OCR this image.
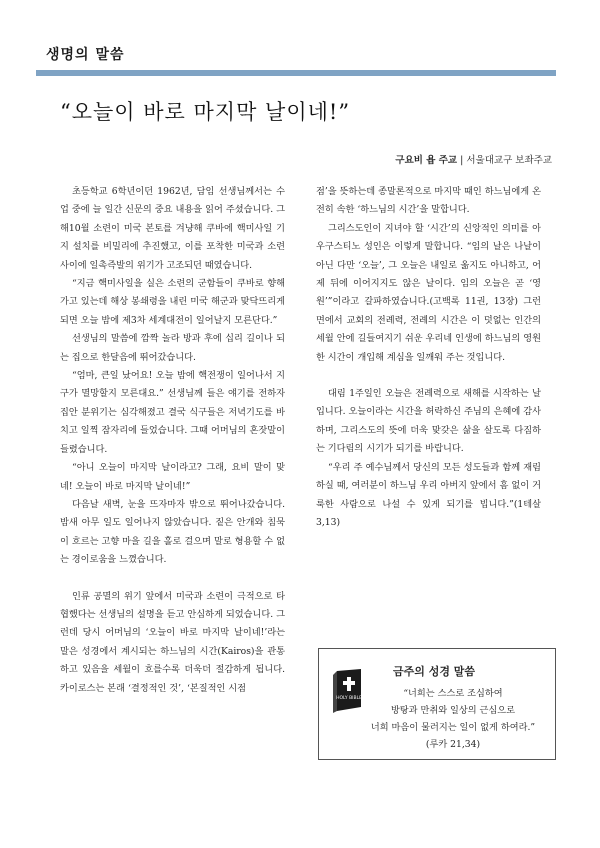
생명의 말씀
“오늘이 바로 마지막 날이네!”
구요비 욥 주교 | 서울대교구 보좌주교

초등학교 6학년이던 1962년, 담임 선생님께서는 수업 중에 늘 일간 신문의 중요 내용을 읽어 주셨습니다. 그해10월 소련이 미국 본토를 겨냥해 쿠바에 핵미사일 기지 설치를 비밀리에 추진했고, 이를 포착한 미국과 소련 사이에 일촉즉발의 위기가 고조되던 때였습니다.

“지금 핵미사일을 실은 소련의 군함들이 쿠바로 향해 가고 있는데 해상 봉쇄령을 내린 미국 해군과 맞닥뜨리게 되면 오늘 밤에 제3차 세계대전이 일어날지 모른단다.”

선생님의 말씀에 깜짝 놀라 방과 후에 십리 길이나 되는 집으로 한달음에 뛰어갔습니다.

“엄마, 큰일 났어요! 오늘 밤에 핵전쟁이 일어나서 지구가 멸망할지 모른대요.” 선생님께 들은 얘기를 전하자 집안 분위기는 심각해졌고 결국 식구들은 저녁기도를 바치고 일찍 잠자리에 들었습니다. 그때 어머님의 혼잣말이 들렸습니다.

“아니 오늘이 마지막 날이라고? 그래, 요비 말이 맞네! 오늘이 바로 마지막 날이네!”

다음날 새벽, 눈을 뜨자마자 밖으로 뛰어나갔습니다. 밤새 아무 일도 일어나지 않았습니다. 짙은 안개와 침묵이 흐르는 고향 마을 길을 홀로 걸으며 말로 형용할 수 없는 경이로움을 느꼈습니다.

인류 공멸의 위기 앞에서 미국과 소련이 극적으로 타협했다는 선생님의 설명을 듣고 안심하게 되었습니다. 그런데 당시 어머님의 ‘오늘이 바로 마지막 날이네!’라는 말은 성경에서 계시되는 하느님의 시간(Kairos)을 관통하고 있음을 세월이 흐를수록 더욱더 절감하게 됩니다. 카이로스는 본래 ‘결정적인 것’, ‘본질적인 시점

점’을 뜻하는데 종말론적으로 마지막 때인 하느님에게 온전히 속한 ‘하느님의 시간’을 말합니다.

그리스도인이 지녀야 할 ‘시간’의 신앙적인 의미를 아우구스티노 성인은 이렇게 말합니다. “임의 날은 나날이 아닌 다만 ‘오늘’, 그 오늘은 내일로 옮지도 아니하고, 어제 뒤에 이어지지도 않은 날이다. 임의 오늘은 곧 ‘영원’”이라고 갈파하였습니다.(고백록 11권, 13장) 그런 면에서 교회의 전례력, 전례의 시간은 이 덧없는 인간의 세월 안에 길들여지기 쉬운 우리네 인생에 하느님의 영원한 시간이 개입해 계심을 일깨워 주는 것입니다.

대림 1주일인 오늘은 전례력으로 새해를 시작하는 날입니다. 오늘이라는 시간을 허락하신 주님의 은혜에 감사하며, 그리스도의 뜻에 더욱 맞갖은 삶을 살도록 다짐하는 기다림의 시기가 되기를 바랍니다.

“우리 주 예수님께서 당신의 모든 성도들과 함께 재림하실 때, 여러분이 하느님 우리 아버지 앞에서 흠 없이 거룩한 사람으로 나설 수 있게 되기를 빕니다.”(1테살 3,13)

HOLY BIBLE
금주의 성경 말씀
“너희는 스스로 조심하여
방탕과 만취와 일상의 근심으로
너희 마음이 물러지는 일이 없게 하여라.”
(루카 21,34)
